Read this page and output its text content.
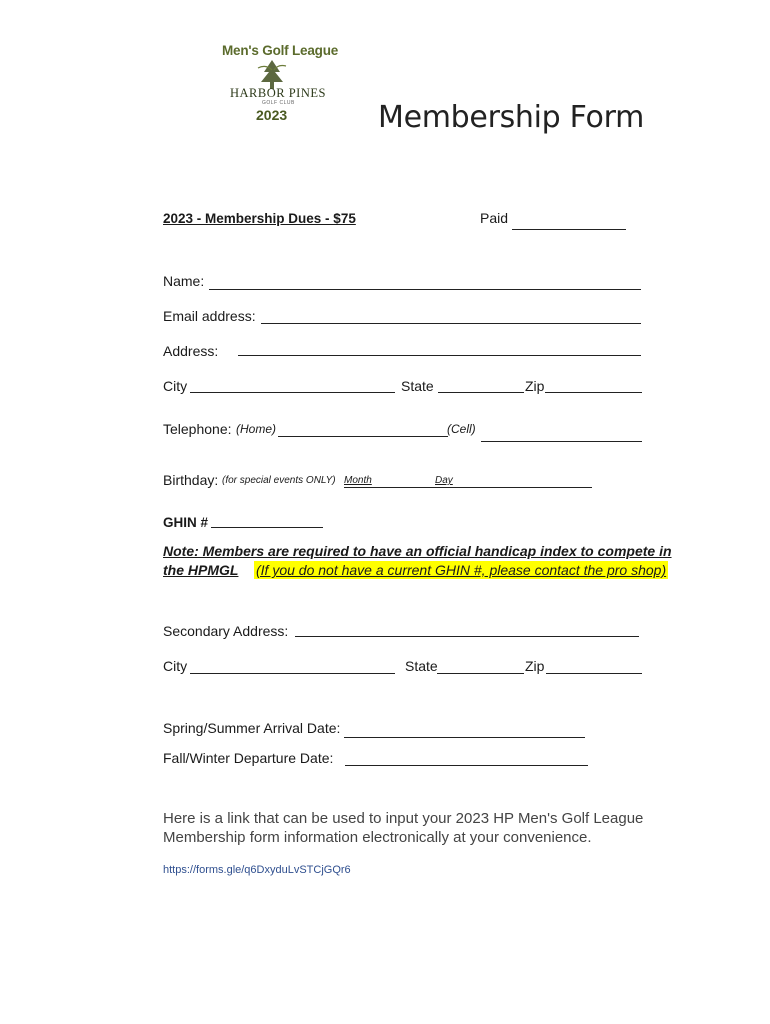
Men's Golf League
HARBOR PINES
GOLF CLUB
2023	Membership Form
2023 - Membership Dues - $75	Paid
Name:
Email address:
Address:
City	State	Zip
Telephone: (Home)	(Cell)
Birthday: (for special events ONLY) Month	Day
GHIN #
Note: Members are required to have an official handicap index to compete in
the HPMGL (If you do not have a current GHIN #, please contact the pro shop)
Secondary Address:
City	State	Zip
Spring/Summer Arrival Date:
Fall/Winter Departure Date:
Here is a link that can be used to input your 2023 HP Men's Golf League
Membership form information electronically at your convenience.
https://forms.gle/q6DxyduLvSTCjGQr6
